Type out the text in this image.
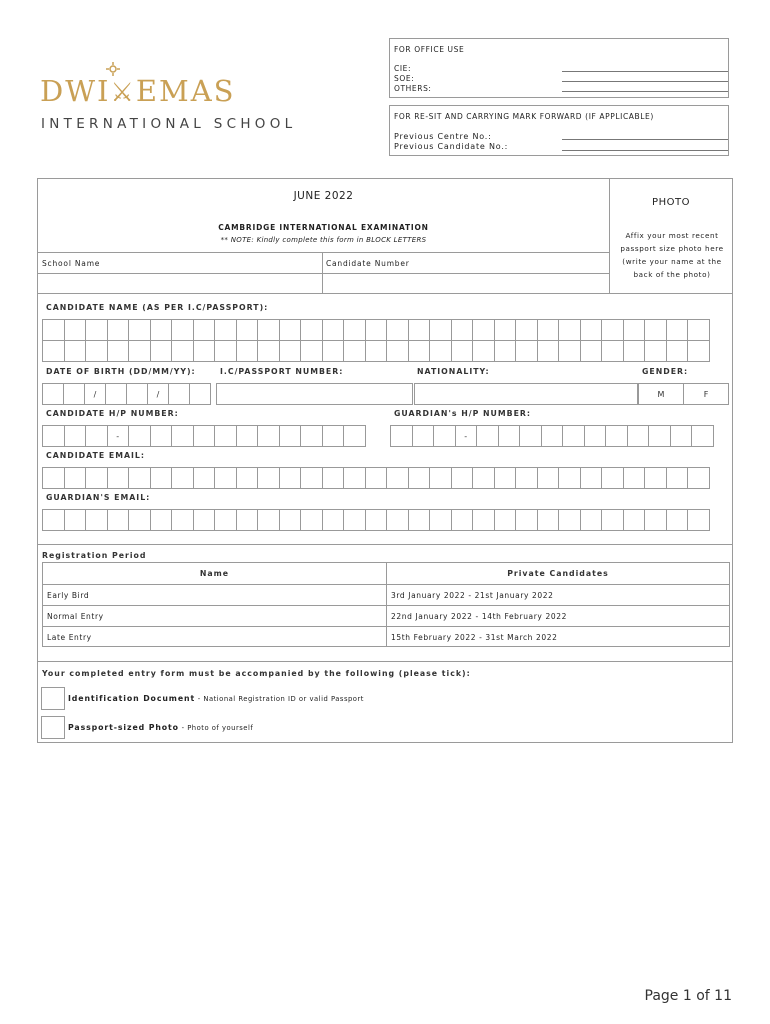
DWI⚔EMAS
INTERNATIONAL SCHOOL
FOR OFFICE USE
CIE:
SOE:
OTHERS:
FOR RE-SIT AND CARRYING MARK FORWARD (IF APPLICABLE)
Previous Centre No.:
Previous Candidate No.:
JUNE 2022
CAMBRIDGE INTERNATIONAL EXAMINATION
** NOTE: Kindly complete this form in BLOCK LETTERS
PHOTO
Affix your most recent
passport size photo here
(write your name at the
back of the photo)
School Name	Candidate Number
CANDIDATE NAME (AS PER I.C/PASSPORT):
DATE OF BIRTH (DD/MM/YY):	I.C/PASSPORT NUMBER:	NATIONALITY:	GENDER:
/	/	M	F
CANDIDATE H/P NUMBER:	GUARDIAN's H/P NUMBER:
-	-
CANDIDATE EMAIL:
GUARDIAN'S EMAIL:
Registration Period
Name	Private Candidates
Early Bird	3rd January 2022 - 21st January 2022
Normal Entry	22nd January 2022 - 14th February 2022
Late Entry	15th February 2022 - 31st March 2022
Your completed entry form must be accompanied by the following (please tick):
Identification Document - National Registration ID or valid Passport
Passport-sized Photo - Photo of yourself
Page 1 of 11
